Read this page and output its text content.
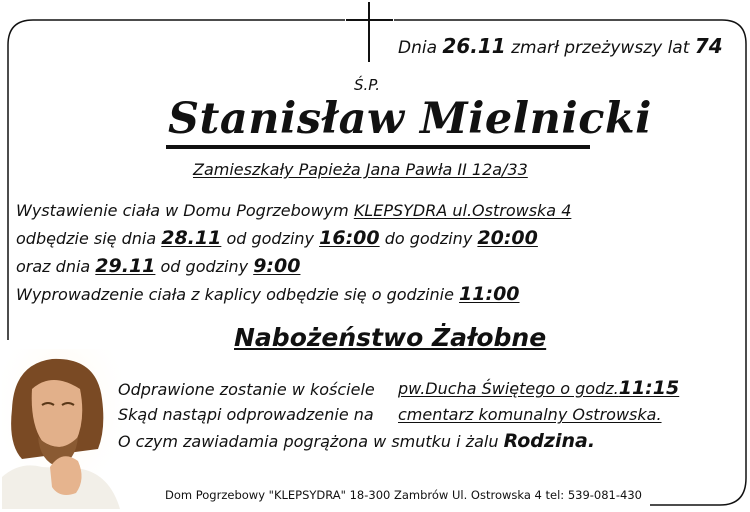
Dnia 26.11 zmarł przeżywszy lat 74
Ś.P.
Stanisław Mielnicki
Zamieszkały Papieża Jana Pawła II 12a/33
Wystawienie ciała w Domu Pogrzebowym KLEPSYDRA ul.Ostrowska 4
odbędzie się dnia 28.11 od godziny 16:00 do godziny 20:00
oraz dnia 29.11 od godziny 9:00
Wyprowadzenie ciała z kaplicy odbędzie się o godzinie 11:00
Nabożeństwo Żałobne
Odprawione zostanie w kościele pw.Ducha Świętego o godz.11:15
Skąd nastąpi odprowadzenie na cmentarz komunalny Ostrowska.
O czym zawiadamia pogrążona w smutku i żalu Rodzina.
Dom Pogrzebowy "KLEPSYDRA" 18-300 Zambrów Ul. Ostrowska 4 tel: 539-081-430
